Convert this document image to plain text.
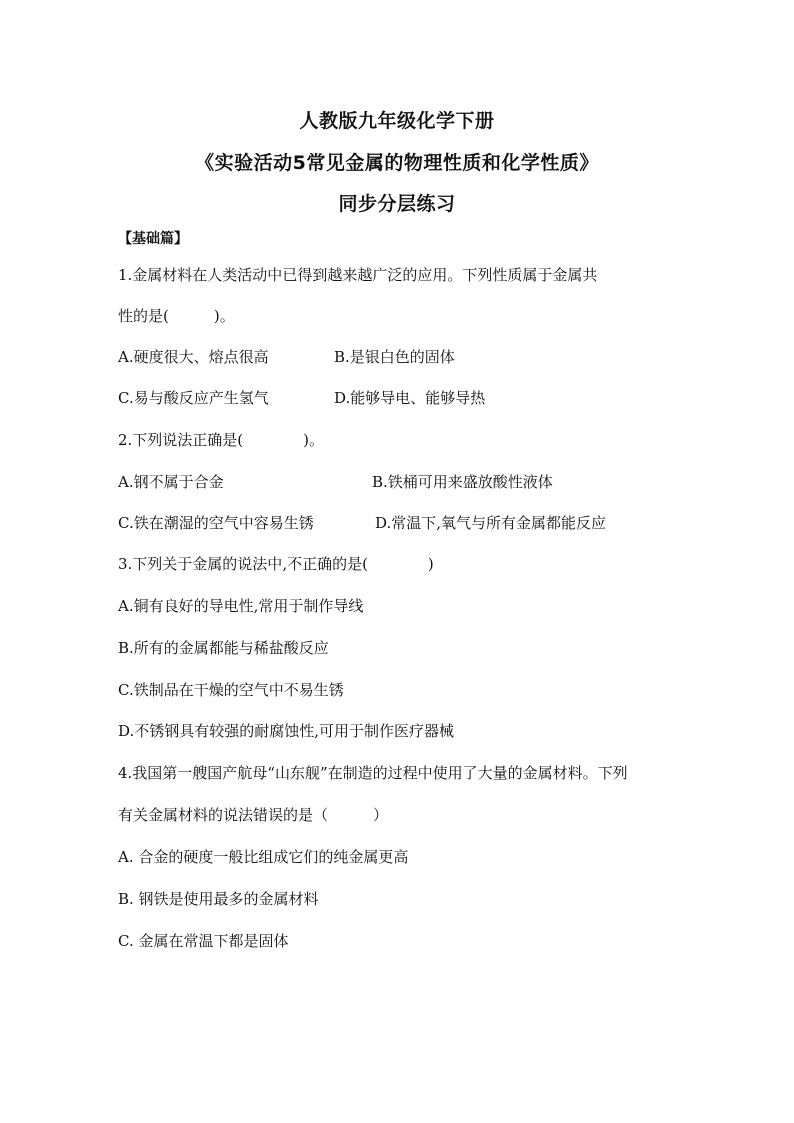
人教版九年级化学下册
《实验活动5常见金属的物理性质和化学性质》
同步分层练习
【基础篇】
1.金属材料在人类活动中已得到越来越广泛的应用。下列性质属于金属共
性的是(　　　)。
A.硬度很大、熔点很高	B.是银白色的固体
C.易与酸反应产生氢气	D.能够导电、能够导热
2.下列说法正确是(　　　　)。
A.钢不属于合金	B.铁桶可用来盛放酸性液体
C.铁在潮湿的空气中容易生锈	D.常温下,氧气与所有金属都能反应
3.下列关于金属的说法中,不正确的是(　　　　)
A.铜有良好的导电性,常用于制作导线
B.所有的金属都能与稀盐酸反应
C.铁制品在干燥的空气中不易生锈
D.不锈钢具有较强的耐腐蚀性,可用于制作医疗器械
4.我国第一艘国产航母“山东舰”在制造的过程中使用了大量的金属材料。下列
有关金属材料的说法错误的是（　　　）
A. 合金的硬度一般比组成它们的纯金属更高
B. 钢铁是使用最多的金属材料
C. 金属在常温下都是固体
